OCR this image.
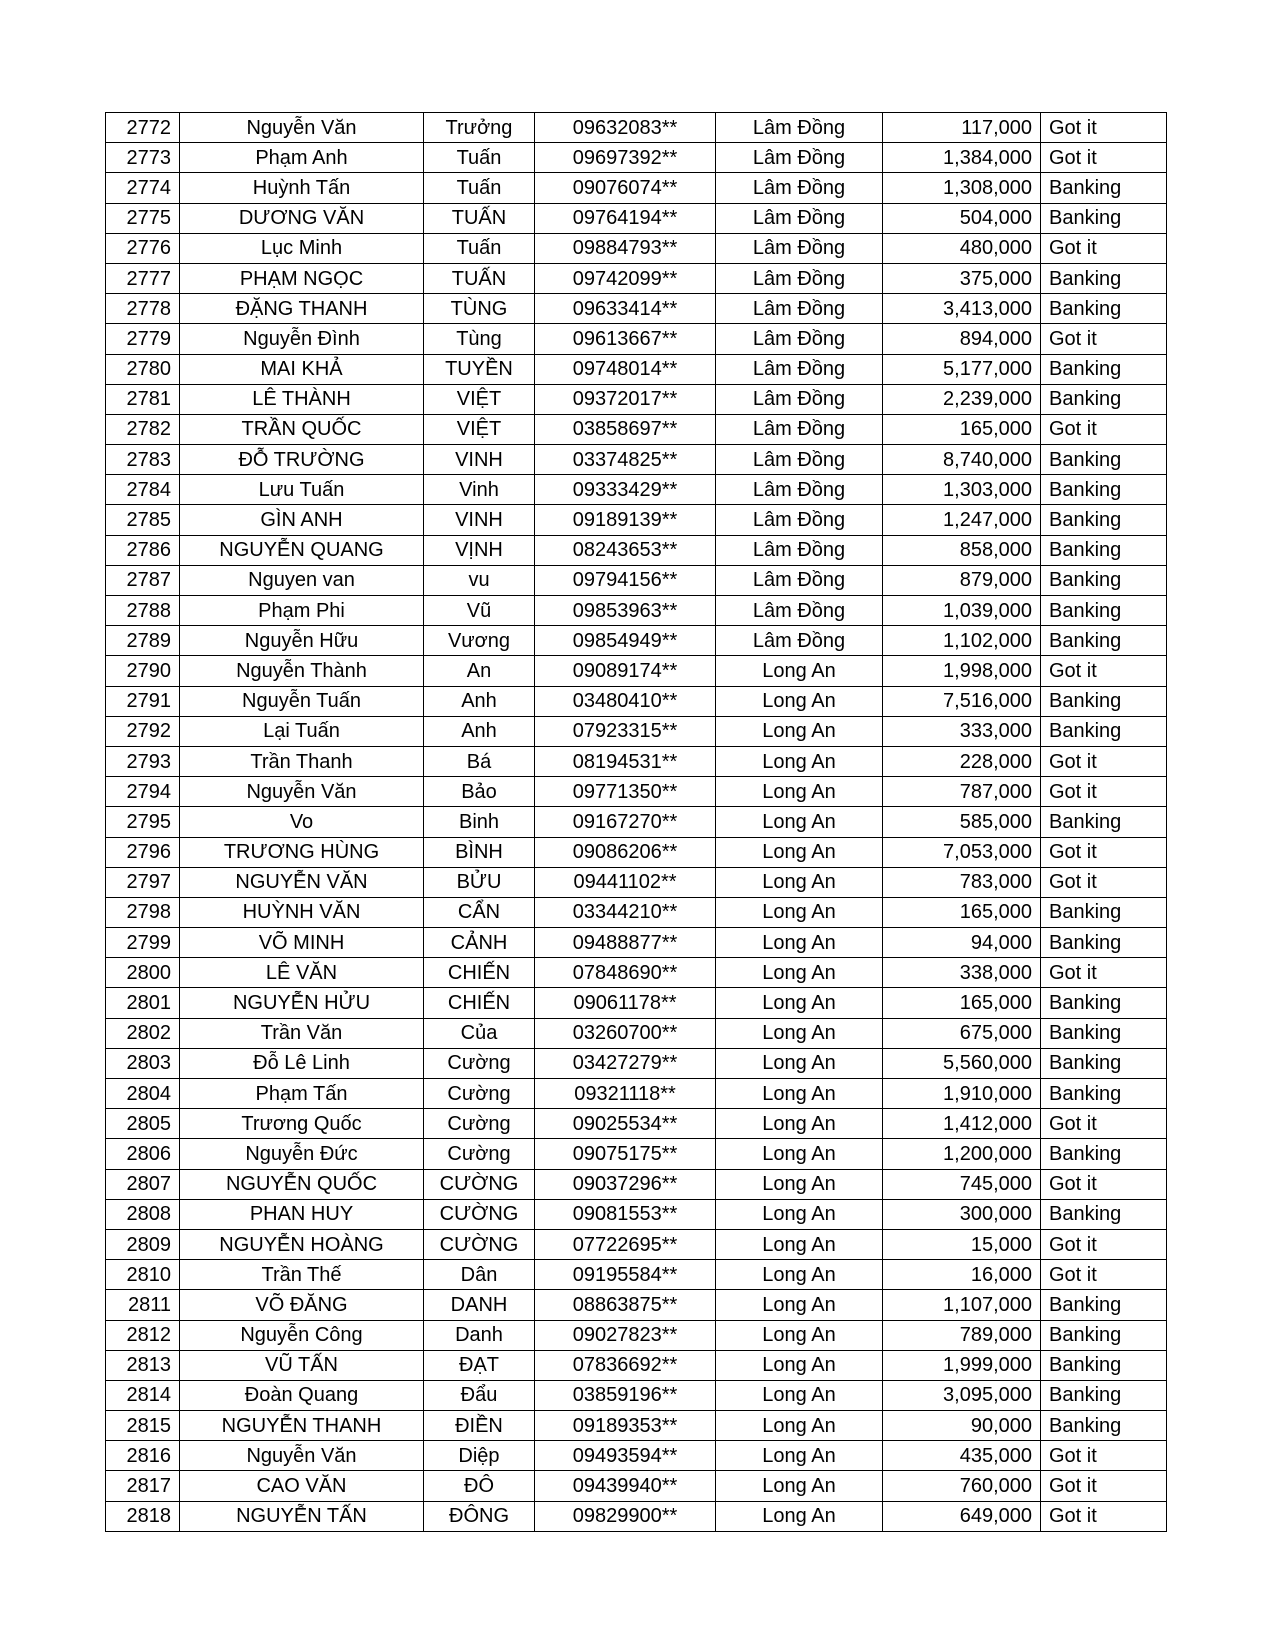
2772	Nguyễn Văn	Trưởng	09632083**	Lâm Đồng	117,000	Got it
2773	Phạm Anh	Tuấn	09697392**	Lâm Đồng	1,384,000	Got it
2774	Huỳnh Tấn	Tuấn	09076074**	Lâm Đồng	1,308,000	Banking
2775	DƯƠNG VĂN	TUẤN	09764194**	Lâm Đồng	504,000	Banking
2776	Lục Minh	Tuấn	09884793**	Lâm Đồng	480,000	Got it
2777	PHẠM NGỌC	TUẤN	09742099**	Lâm Đồng	375,000	Banking
2778	ĐẶNG THANH	TÙNG	09633414**	Lâm Đồng	3,413,000	Banking
2779	Nguyễn Đình	Tùng	09613667**	Lâm Đồng	894,000	Got it
2780	MAI KHẢ	TUYỀN	09748014**	Lâm Đồng	5,177,000	Banking
2781	LÊ THÀNH	VIỆT	09372017**	Lâm Đồng	2,239,000	Banking
2782	TRẦN QUỐC	VIỆT	03858697**	Lâm Đồng	165,000	Got it
2783	ĐỖ TRƯỜNG	VINH	03374825**	Lâm Đồng	8,740,000	Banking
2784	Lưu Tuấn	Vinh	09333429**	Lâm Đồng	1,303,000	Banking
2785	GÌN ANH	VINH	09189139**	Lâm Đồng	1,247,000	Banking
2786	NGUYỄN QUANG	VỊNH	08243653**	Lâm Đồng	858,000	Banking
2787	Nguyen van	vu	09794156**	Lâm Đồng	879,000	Banking
2788	Phạm Phi	Vũ	09853963**	Lâm Đồng	1,039,000	Banking
2789	Nguyễn Hữu	Vương	09854949**	Lâm Đồng	1,102,000	Banking
2790	Nguyễn Thành	An	09089174**	Long An	1,998,000	Got it
2791	Nguyễn Tuấn	Anh	03480410**	Long An	7,516,000	Banking
2792	Lại Tuấn	Anh	07923315**	Long An	333,000	Banking
2793	Trần Thanh	Bá	08194531**	Long An	228,000	Got it
2794	Nguyễn Văn	Bảo	09771350**	Long An	787,000	Got it
2795	Vo	Binh	09167270**	Long An	585,000	Banking
2796	TRƯƠNG HÙNG	BÌNH	09086206**	Long An	7,053,000	Got it
2797	NGUYỄN VĂN	BỬU	09441102**	Long An	783,000	Got it
2798	HUỲNH VĂN	CẨN	03344210**	Long An	165,000	Banking
2799	VÕ MINH	CẢNH	09488877**	Long An	94,000	Banking
2800	LÊ VĂN	CHIẾN	07848690**	Long An	338,000	Got it
2801	NGUYỄN HỬU	CHIẾN	09061178**	Long An	165,000	Banking
2802	Trần Văn	Của	03260700**	Long An	675,000	Banking
2803	Đỗ Lê Linh	Cường	03427279**	Long An	5,560,000	Banking
2804	Phạm Tấn	Cường	09321118**	Long An	1,910,000	Banking
2805	Trương Quốc	Cường	09025534**	Long An	1,412,000	Got it
2806	Nguyễn Đức	Cường	09075175**	Long An	1,200,000	Banking
2807	NGUYỄN QUỐC	CƯỜNG	09037296**	Long An	745,000	Got it
2808	PHAN HUY	CƯỜNG	09081553**	Long An	300,000	Banking
2809	NGUYỄN HOÀNG	CƯỜNG	07722695**	Long An	15,000	Got it
2810	Trần Thế	Dân	09195584**	Long An	16,000	Got it
2811	VÕ ĐĂNG	DANH	08863875**	Long An	1,107,000	Banking
2812	Nguyễn Công	Danh	09027823**	Long An	789,000	Banking
2813	VŨ TẤN	ĐẠT	07836692**	Long An	1,999,000	Banking
2814	Đoàn Quang	Đẩu	03859196**	Long An	3,095,000	Banking
2815	NGUYỄN THANH	ĐIỀN	09189353**	Long An	90,000	Banking
2816	Nguyễn Văn	Diệp	09493594**	Long An	435,000	Got it
2817	CAO VĂN	ĐÔ	09439940**	Long An	760,000	Got it
2818	NGUYỄN TẤN	ĐÔNG	09829900**	Long An	649,000	Got it
